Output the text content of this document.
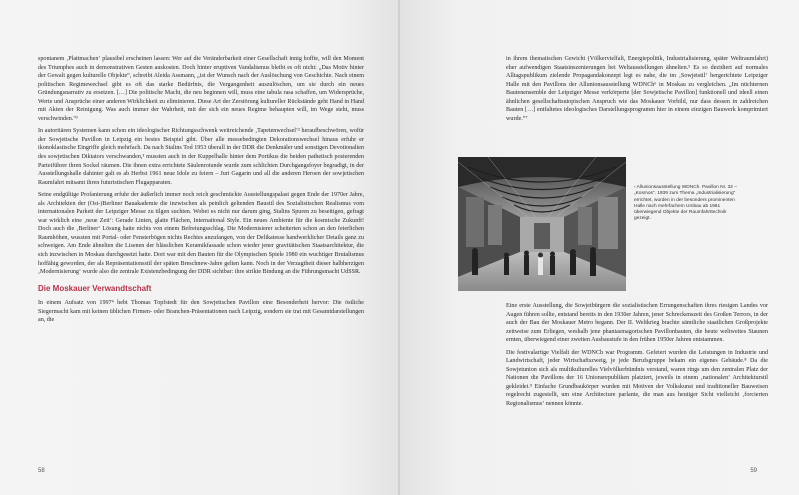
spontanem ‚Plattmachen‘ plausibel erscheinen lassen: Wer auf die Veränderbarkeit einer Gesellschaft innig hoffte, will den Moment des Triumphes auch in demonstrativen Gesten auskosten. Doch hinter eruptiven Vandalismus bleibt es oft nicht: „Das Motiv hinter der Gewalt gegen kulturelle Objekte“, schreibt Aleida Assmann, „ist der Wunsch nach der Auslöschung von Geschichte. Nach einem politischen Regimewechsel gibt es oft das starke Bedürfnis, die Vergangenheit auszulöschen, um sie durch ein neues Gründungsnarrativ zu ersetzen. […] Die politische Macht, die neu beginnen will, muss eine tabula rasa schaffen, um Widersprüche, Werte und Ansprüche einer anderen Wirklichkeit zu eliminieren. Diese Art der Zerstörung kultureller Rückstände geht Hand in Hand mit Akten der Reinigung. Was auch immer der Wahrheit, mit der sich ein neues Regime behaupten will, im Wege steht, muss verschwinden.“¹

In autoritären Systemen kann schon ein ideologischer Richtungsschwenk weitreichende ‚Tapetenwechsel‘² heraufbeschwören, wofür der Sowjetische Pavillon in Leipzig ein bestes Beispiel gibt. Über alle messebedingten Dekorationswechsel hinaus erfuhr er ikonoklastische Eingriffe gleich mehrfach. Da nach Stalins Tod 1953 überall in der DDR die Denkmäler und sonstigen Devotionalien des sowjetischen Diktators verschwanden,³ mussten auch in der Kuppelhalle hinter dem Portikus die beiden pathetisch posierenden Parteiführer ihren Sockel räumen. Die ihnen extra errichtete Säulenrotunde wurde zum schlichten Durchgangsfoyer begradigt, in der Ausstellungshalle dahinter galt es ab Herbst 1961 neue Idole zu feiern – Juri Gagarin und all die anderen Heroen der sowjetischen Raumfahrt mitsamt ihren futuristischen Flugapparaten.

Seine endgültige Profanierung erfuhr der äußerlich immer noch reich geschmückte Ausstellungspalast gegen Ende der 1970er Jahre, als Architekten der (Ost-)Berliner Bauakademie die inzwischen als peinlich geltenden Baustil des Sozialistischen Realismus vom internationalen Parkett der Leipziger Messe zu tilgen suchten. Wobei es nicht nur darum ging, Stalins Spuren zu beseitigen, gefragt war wirklich eine ‚neue Zeit‘: Gerade Linien, glatte Flächen, International Style. Ein neues Ambiente für die kosmische Zukunft! Doch auch die ‚Berliner‘ Lösung hatte nichts von einem Befreiungsschlag. Die Modernisierer scheiterten schon an den feierlichen Raumhöhen, wussten mit Portal- oder Fensterbögen nichts Rechtes anzufangen, von der Delikatesse handwerklicher Details ganz zu schweigen. Am Ende ähnelten die Lisenen der blässlichen Keramikfassade schon wieder jener gravitätischen Staatsarchitektur, die sich inzwischen in Moskau durchgesetzt hatte. Dort war mit den Bauten für die Olympischen Spiele 1980 ein wuchtiger Brutalismus hoffähig geworden, der als Repräsentationsstil der späten Breschnew-Jahre gelten kann. Noch in der Verzagtheit dieser halbherzigen ‚Modernisierung‘ wurde also die zentrale Existenzbedingung der DDR sichtbar: ihre strikte Bindung an die Führungsmacht UdSSR.

Die Moskauer Verwandtschaft

In einem Aufsatz von 1997⁴ hebt Thomas Topfstedt für den Sowjetischen Pavillon eine Besonderheit hervor: Die östliche Siegermacht kam mit keinen üblichen Firmen- oder Branchen-Präsentationen nach Leipzig, sondern sie trat mit Gesamtdarstellungen an, die

58

in ihrem thematischen Gewicht (Völkervielfalt, Energiepolitik, Industrialisierung, später Weltraumfahrt) eher aufwendigen Staatsinszenierungen bei Weltausstellungen ähnelten.⁵ Es so dezidiert auf normales Alltagspublikum zielende Propagandakonzept legt es nahe, die im ‚Sowjetstil‘ hergerichtete Leipziger Halle mit den Pavillons der Allunionsausstellung WDNCh⁶ in Moskau zu vergleichen. „Im nüchternen Bautenensemble der Leipziger Messe verkörperte [der Sowjetische Pavillon] funktionell und ideell einen ähnlichen gesellschaftsutopischen Anspruch wie das Moskauer Vorbild, nur dass dessen in zahlreichen Bauten […] entfaltetes ideologisches Darstellungsprogramm hier in einem einzigen Bauwerk komprimiert wurde.“⁷

‹ Allunionsausstellung WDNCh. Pavillon Nr. 32 – „Kosmos“. 1939 zum Thema „Industrialisierung“ errichtet, wurden in der besonders prominenten Halle nach mehrfachem Umbau ab 1961 überwiegend Objekte der Raumfahrttechnik gezeigt.

Eine erste Ausstellung, die Sowjetbürgern die sozialistischen Errungenschaften ihres riesigen Landes vor Augen führen sollte, entstand bereits in den 1930er Jahren, jener Schreckenszeit des Großen Terrors, in der auch der Bau der Moskauer Metro begann. Der II. Weltkrieg brachte sämtliche staatlichen Großprojekte zeitweise zum Erliegen, weshalb jene phantasmagorischen Pavillonbauten, die heute weltweites Staunen ernten, überwiegend einer zweiten Ausbaustufe in den frühen 1950er Jahren entstammen.

Die festivalartige Vielfalt der WDNCh war Programm. Gefeiert wurden die Leistungen in Industrie und Landwirtschaft, jeder Wirtschaftszweig, je jede Berufsgruppe bekam ein eigenes Gebäude.⁸ Da die Sowjetunion sich als multikulturelles Vielvölkerbündnis verstand, waren rings um den zentralen Platz der Nationen die Pavillons der 16 Unionsrepubliken platziert, jeweils in einem ‚nationalen‘ Architekturstil gekleidet.⁹ Einfache Grundbaukörper wurden mit Motiven der Volkskunst und traditioneller Bauweisen regelrecht zugestellt, um eine Architecture parlante, die man aus heutiger Sicht vielleicht ‚forcierten Regionalismus‘ nennen könnte.

59
